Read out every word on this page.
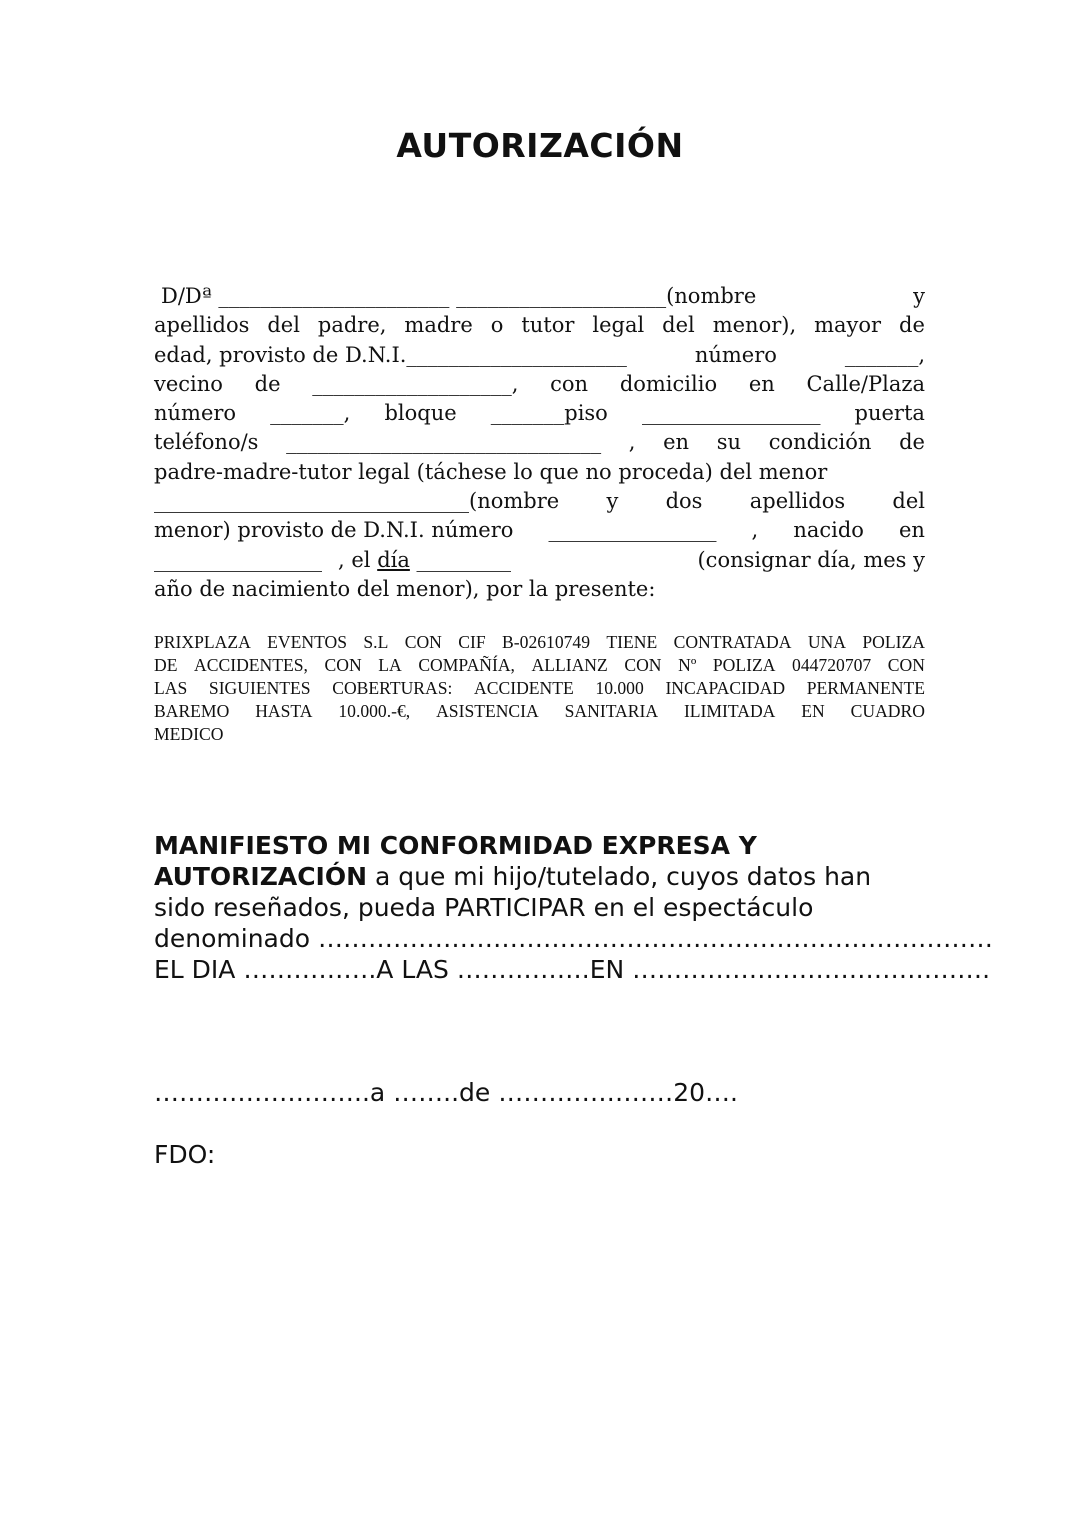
AUTORIZACIÓN
D/Dª ______________________ ____________________(nombre	y
apellidos del padre, madre o tutor legal del menor), mayor de
edad, provisto de D.N.I._____________________	número	_______,
vecino de ___________________, con domicilio en Calle/Plaza
número _______, bloque _______piso _________________ puerta
teléfono/s ______________________________ , en su condición de
padre-madre-tutor legal (táchese lo que no proceda) del menor
______________________________(nombre y dos apellidos del
menor) provisto de D.N.I. número ________________ , nacido en
________________ , el día _________	(consignar día, mes y
año de nacimiento del menor), por la presente:
PRIXPLAZA EVENTOS S.L CON CIF B-02610749 TIENE CONTRATADA UNA POLIZA
DE ACCIDENTES, CON LA COMPAÑÍA, ALLIANZ CON Nº POLIZA 044720707 CON
LAS SIGUIENTES COBERTURAS: ACCIDENTE 10.000 INCAPACIDAD PERMANENTE
BAREMO HASTA 10.000.-€, ASISTENCIA SANITARIA ILIMITADA EN CUADRO
MEDICO
MANIFIESTO MI CONFORMIDAD EXPRESA Y
AUTORIZACIÓN a que mi hijo/tutelado, cuyos datos han
sido reseñados, pueda PARTICIPAR en el espectáculo
denominado ………………………………………………………………………
EL DIA …………….A LAS …………….EN …………………………………….
……………………..a ……..de …………………20….
FDO:
